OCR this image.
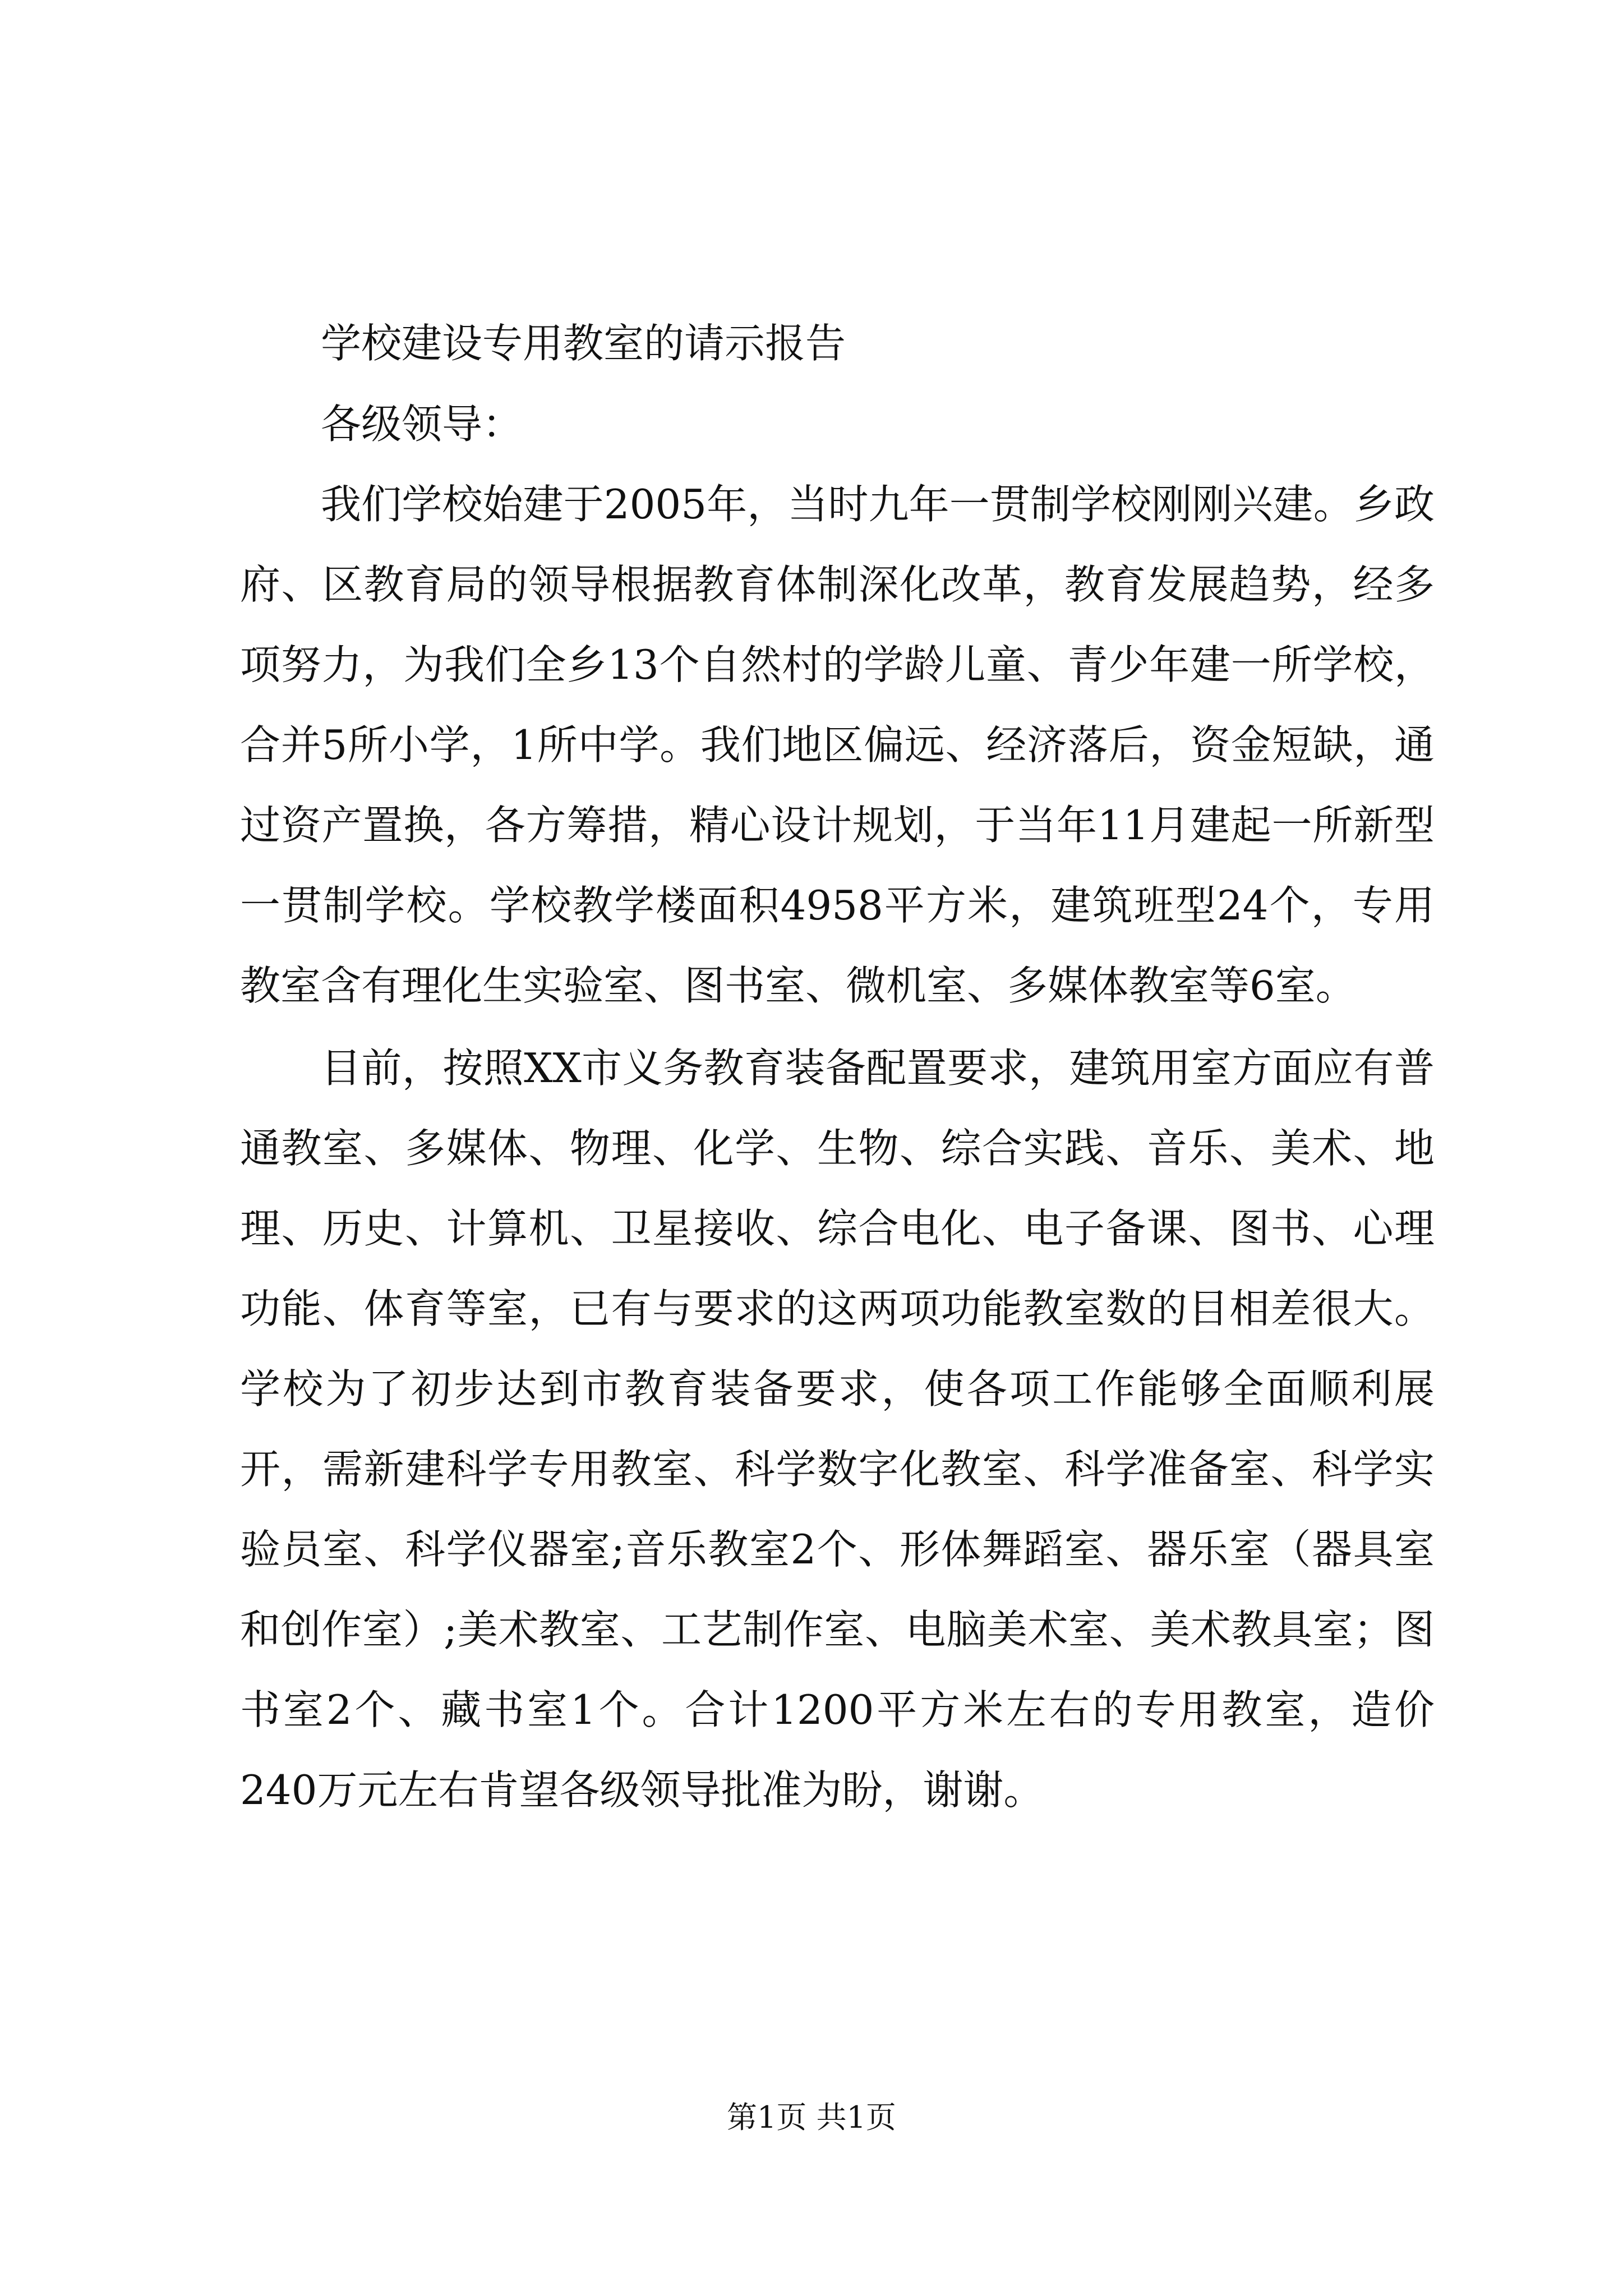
学校建设专用教室的请示报告

各级领导：

我们学校始建于2005年，当时九年一贯制学校刚刚兴建。乡政府、区教育局的领导根据教育体制深化改革，教育发展趋势，经多项努力，为我们全乡13个自然村的学龄儿童、青少年建一所学校，合并5所小学，1所中学。我们地区偏远、经济落后，资金短缺，通过资产置换，各方筹措，精心设计规划，于当年11月建起一所新型一贯制学校。学校教学楼面积4958平方米，建筑班型24个，专用教室含有理化生实验室、图书室、微机室、多媒体教室等6室。

目前，按照XX市义务教育装备配置要求，建筑用室方面应有普通教室、多媒体、物理、化学、生物、综合实践、音乐、美术、地理、历史、计算机、卫星接收、综合电化、电子备课、图书、心理功能、体育等室，已有与要求的这两项功能教室数的目相差很大。学校为了初步达到市教育装备要求，使各项工作能够全面顺利展开，需新建科学专用教室、科学数字化教室、科学准备室、科学实验员室、科学仪器室;音乐教室2个、形体舞蹈室、器乐室（器具室和创作室）;美术教室、工艺制作室、电脑美术室、美术教具室；图书室2个、藏书室1个。合计1200平方米左右的专用教室，造价240万元左右肯望各级领导批准为盼，谢谢。

第1页 共1页
